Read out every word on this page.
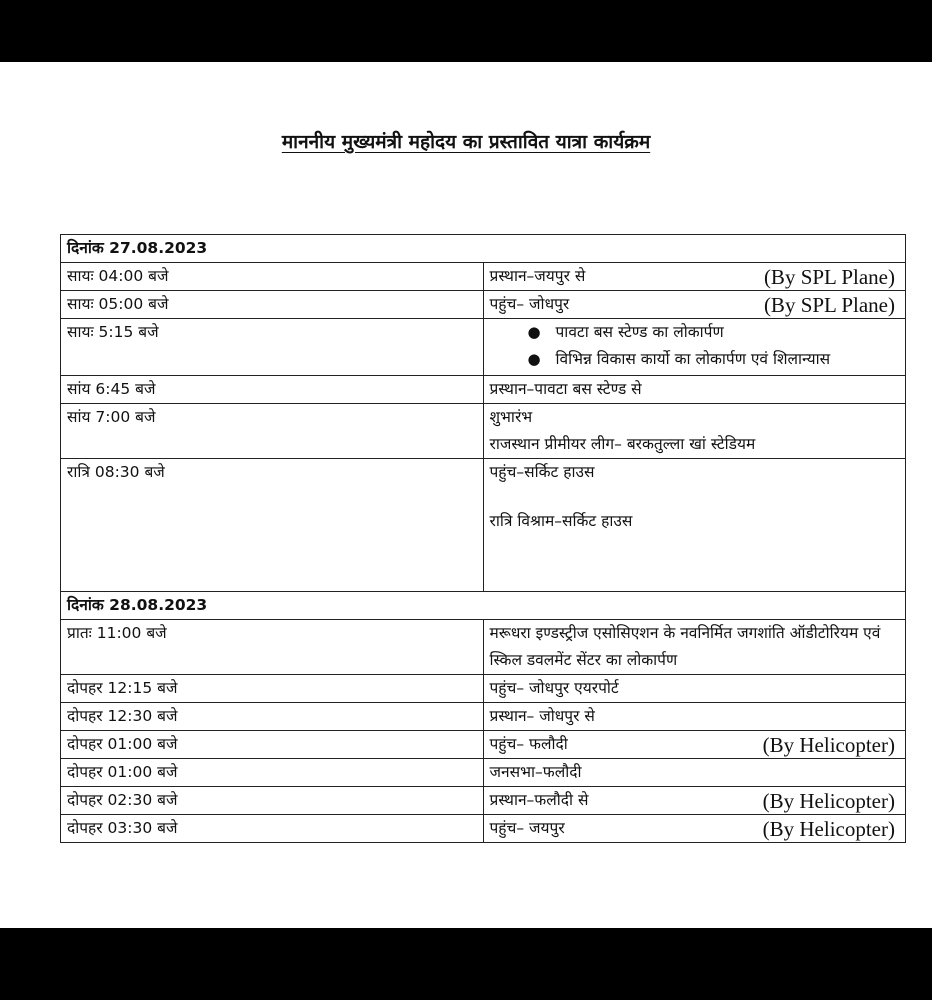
माननीय मुख्यमंत्री महोदय का प्रस्तावित यात्रा कार्यक्रम
दिनांक 27.08.2023	
सायः 04:00 बजे	प्रस्थान–जयपुर से (By SPL Plane)

सायः 05:00 बजे	पहुंच– जोधपुर (By SPL Plane)

सायः 5:15 बजे	● पावटा बस स्टेण्ड का लोकार्पण
● विभिन्न विकास कार्यो का लोकार्पण एवं शिलान्यास

सांय 6:45 बजे	प्रस्थान–पावटा बस स्टेण्ड से
सांय 7:00 बजे	शुभारंभ
राजस्थान प्रीमीयर लीग– बरकतुल्ला खां स्टेडियम

रात्रि 08:30 बजे	पहुंच–सर्किट हाउस
रात्रि विश्राम–सर्किट हाउस

दिनांक 28.08.2023	
प्रातः 11:00 बजे	मरूधरा इण्डस्ट्रीज एसोसिएशन के नवनिर्मित जगशांति ऑडीटोरियम एवं
स्किल डवलमेंट सेंटर का लोकार्पण

दोपहर 12:15 बजे	पहुंच– जोधपुर एयरपोर्ट
दोपहर 12:30 बजे	प्रस्थान– जोधपुर से
दोपहर 01:00 बजे	पहुंच– फलौदी (By Helicopter)

दोपहर 01:00 बजे	जनसभा–फलौदी
दोपहर 02:30 बजे	प्रस्थान–फलौदी से (By Helicopter)

दोपहर 03:30 बजे	पहुंच– जयपुर (By Helicopter)
